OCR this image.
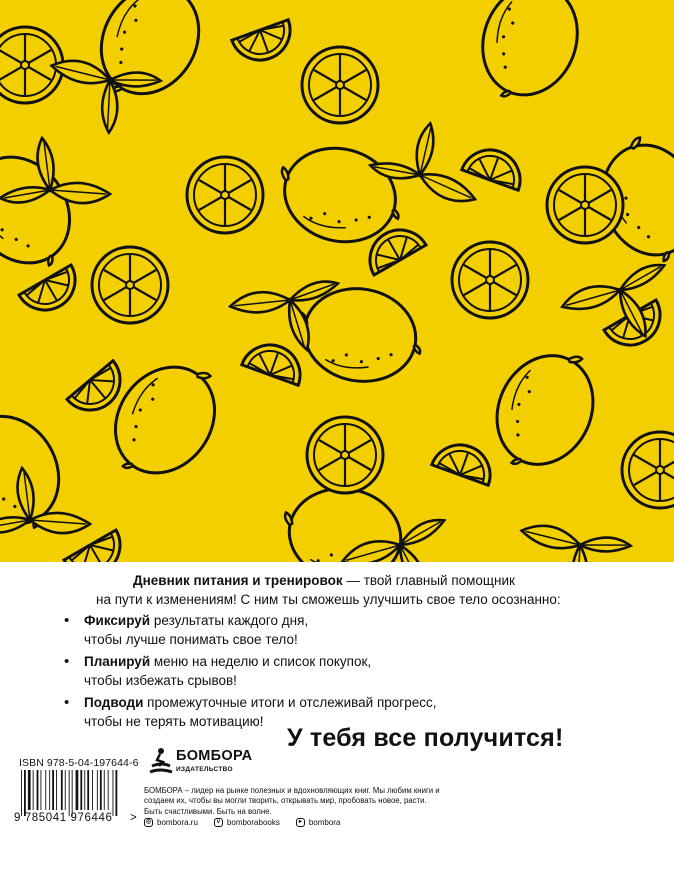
Дневник питания и тренировок — твой главный помощник
на пути к изменениям! С ним ты сможешь улучшить свое тело осознанно:
• Фиксируй результаты каждого дня,
чтобы лучше понимать свое тело!
• Планируй меню на неделю и список покупок,
чтобы избежать срывов!
• Подводи промежуточные итоги и отслеживай прогресс,
чтобы не терять мотивацию!
У тебя все получится!
ISBN 978-5-04-197644-6
9 785041 976446 >
БОМБОРА
ИЗДАТЕЛЬСТВО
БОМБОРА – лидер на рынке полезных и вдохновляющих книг. Мы любим книги и создаем их, чтобы вы могли творить, открывать мир, пробовать новое, расти. Быть счастливыми. Быть на волне.
◎ bombora.ru	v bomborabooks	▸ bombora
